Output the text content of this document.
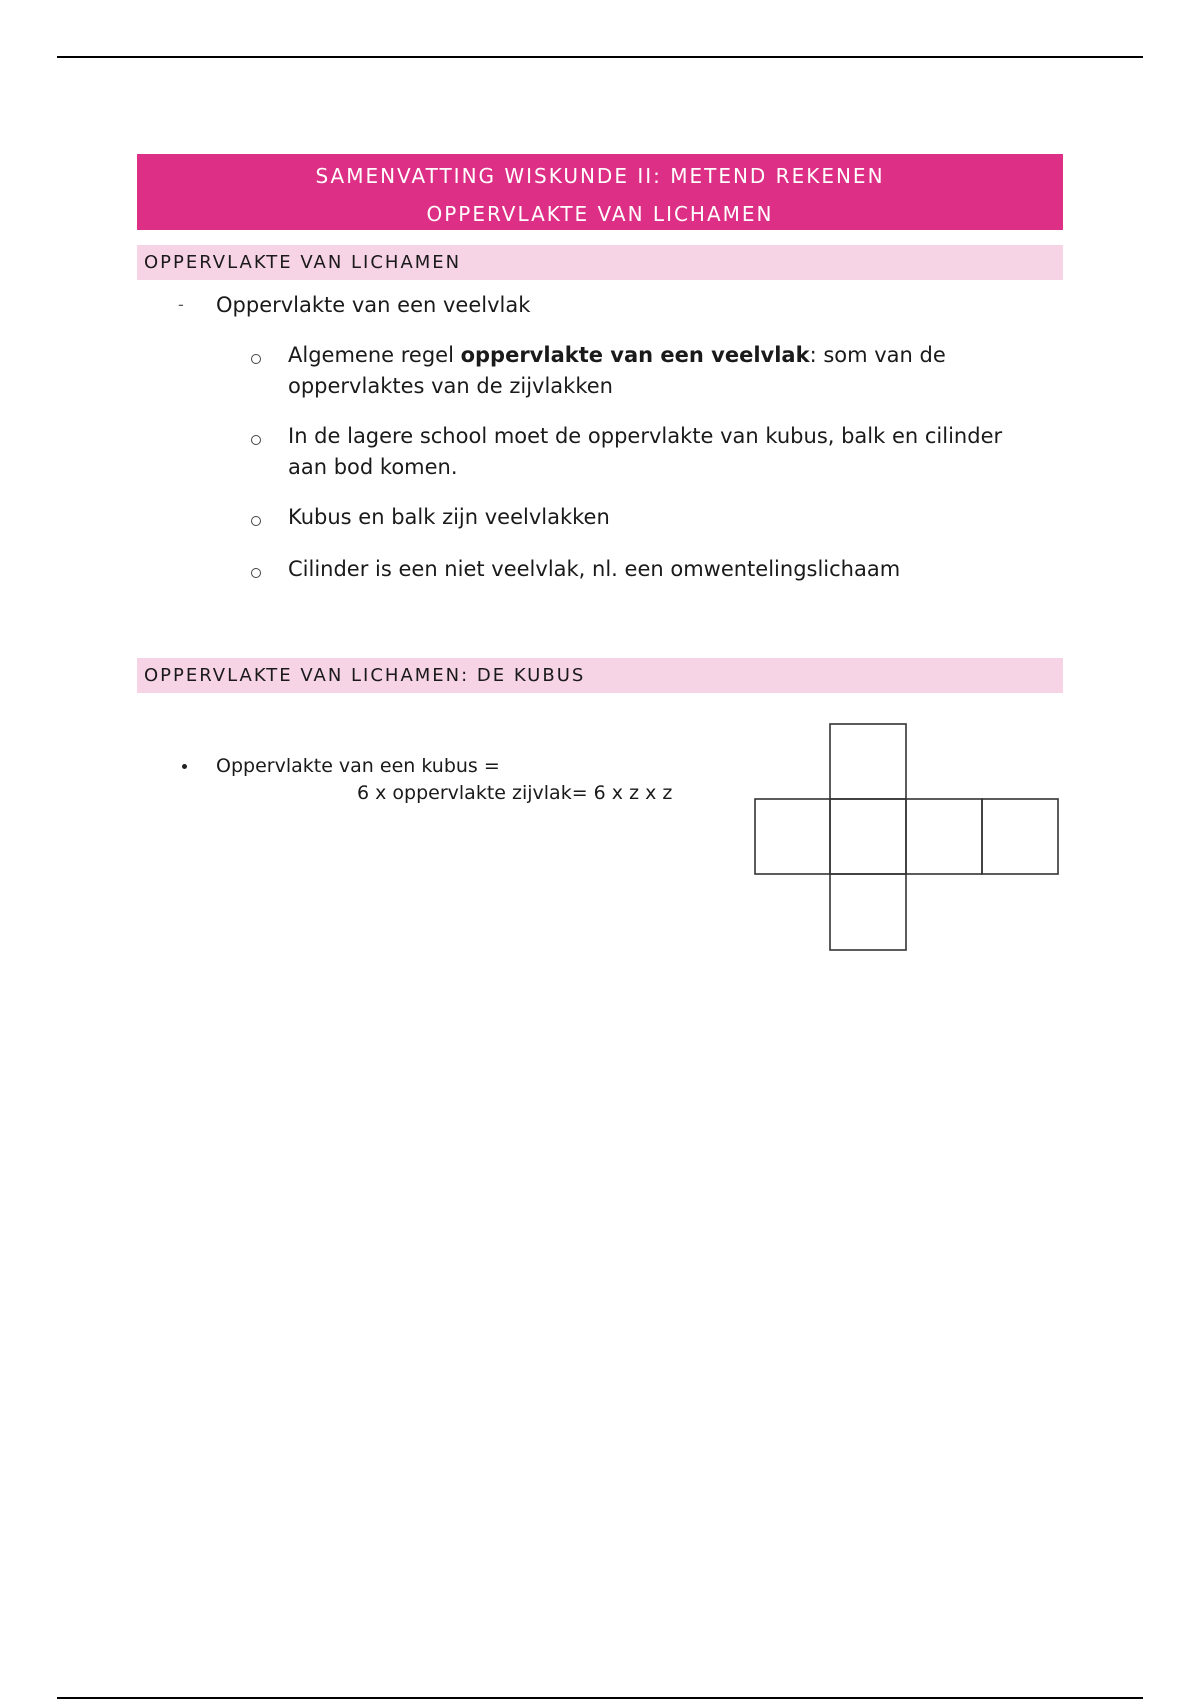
SAMENVATTING WISKUNDE II: METEND REKENEN
OPPERVLAKTE VAN LICHAMEN
OPPERVLAKTE VAN LICHAMEN
- Oppervlakte van een veelvlak
Algemene regel oppervlakte van een veelvlak: som van de
oppervlaktes van de zijvlakken
In de lagere school moet de oppervlakte van kubus, balk en cilinder
aan bod komen.
Kubus en balk zijn veelvlakken
Cilinder is een niet veelvlak, nl. een omwentelingslichaam
OPPERVLAKTE VAN LICHAMEN: DE KUBUS
Oppervlakte van een kubus =
6 x oppervlakte zijvlak= 6 x z x z
